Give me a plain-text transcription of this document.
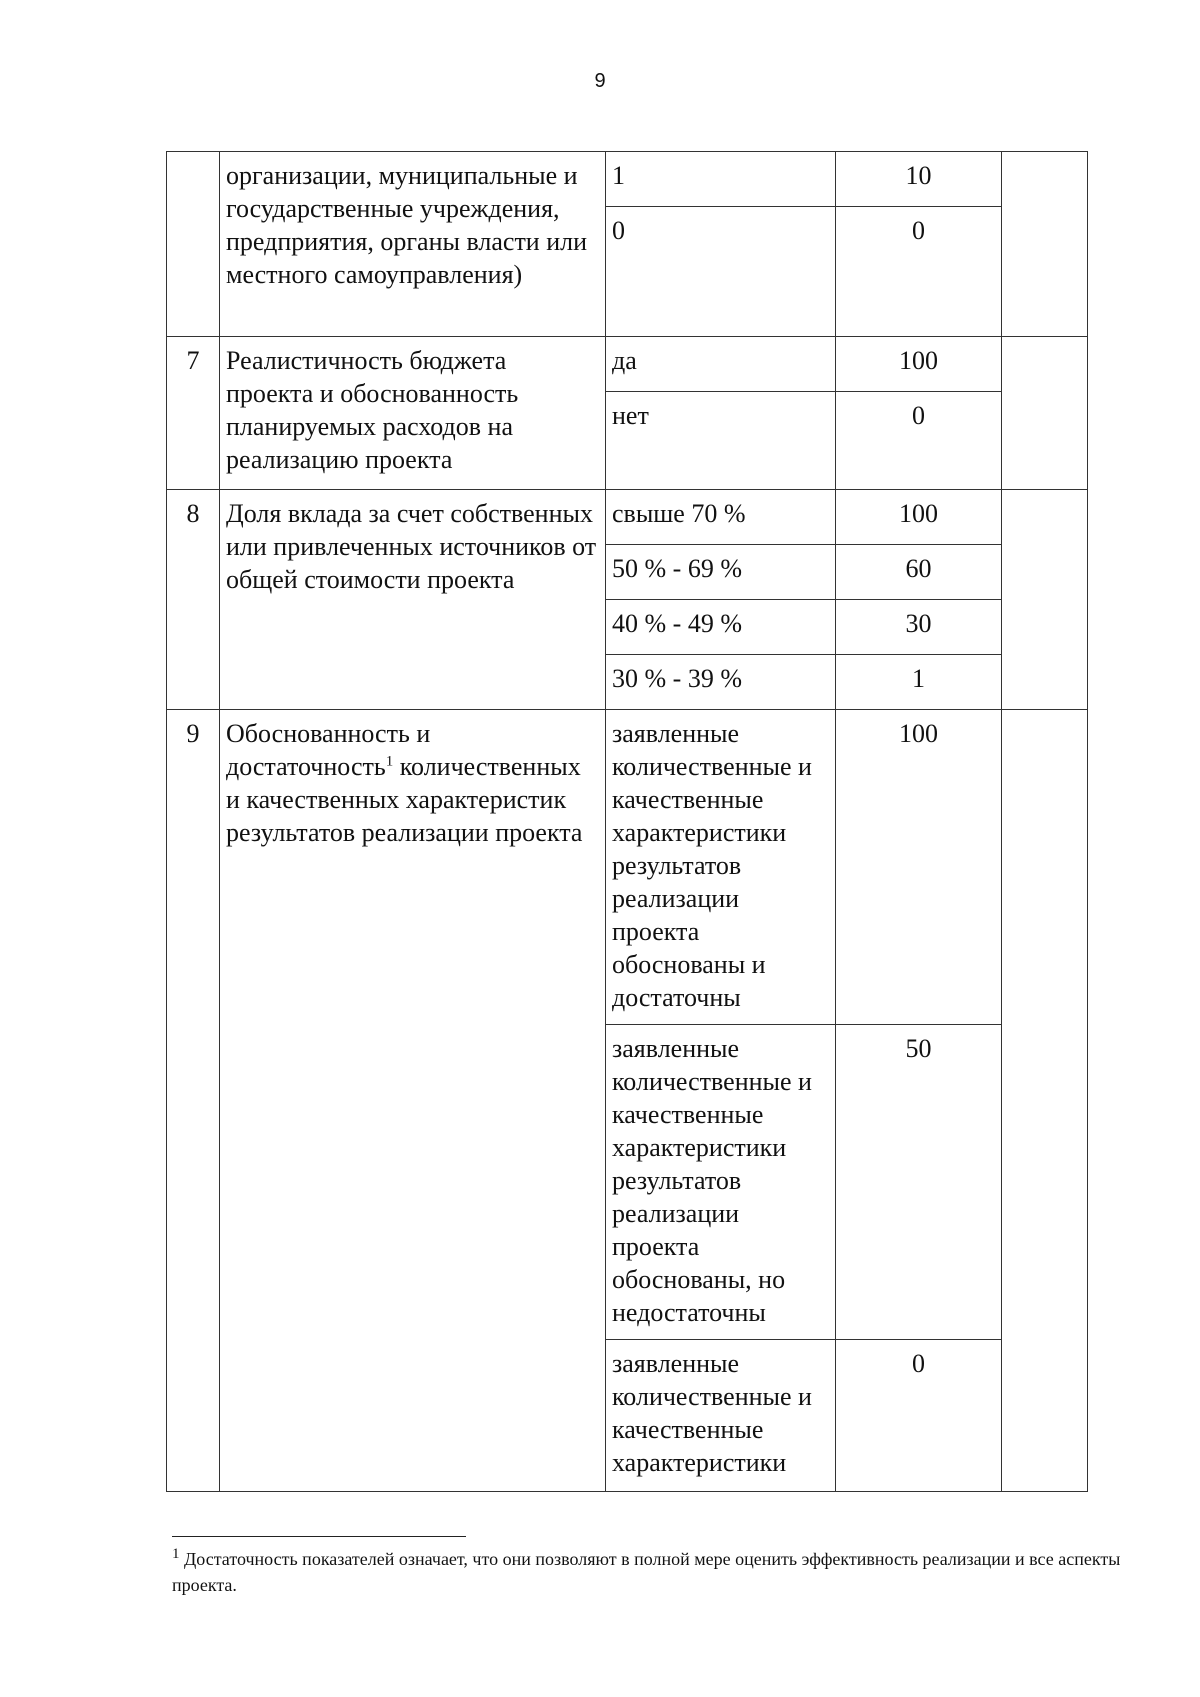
9
	организации, муниципальные и государственные учреждения, предприятия, органы власти или местного самоуправления)	1	10	
		0	0	
7	Реалистичность бюджета проекта и обоснованность планируемых расходов на реализацию проекта	да	100	
		нет	0	
8	Доля вклада за счет собственных или привлеченных источников от общей стоимости проекта	свыше 70 %	100	
		50 % - 69 %	60	
		40 % - 49 %	30	
		30 % - 39 %	1	
9	Обоснованность и достаточность$^1$ количественных и качественных характеристик результатов реализации проекта	заявленные количественные и качественные характеристики результатов реализации проекта обоснованы и достаточны	100	
		заявленные количественные и качественные характеристики результатов реализации проекта обоснованы, но недостаточны	50	
		заявленные количественные и качественные характеристики	0	
$^1$ Достаточность показателей означает, что они позволяют в полной мере оценить эффективность реализации и все аспекты проекта.
